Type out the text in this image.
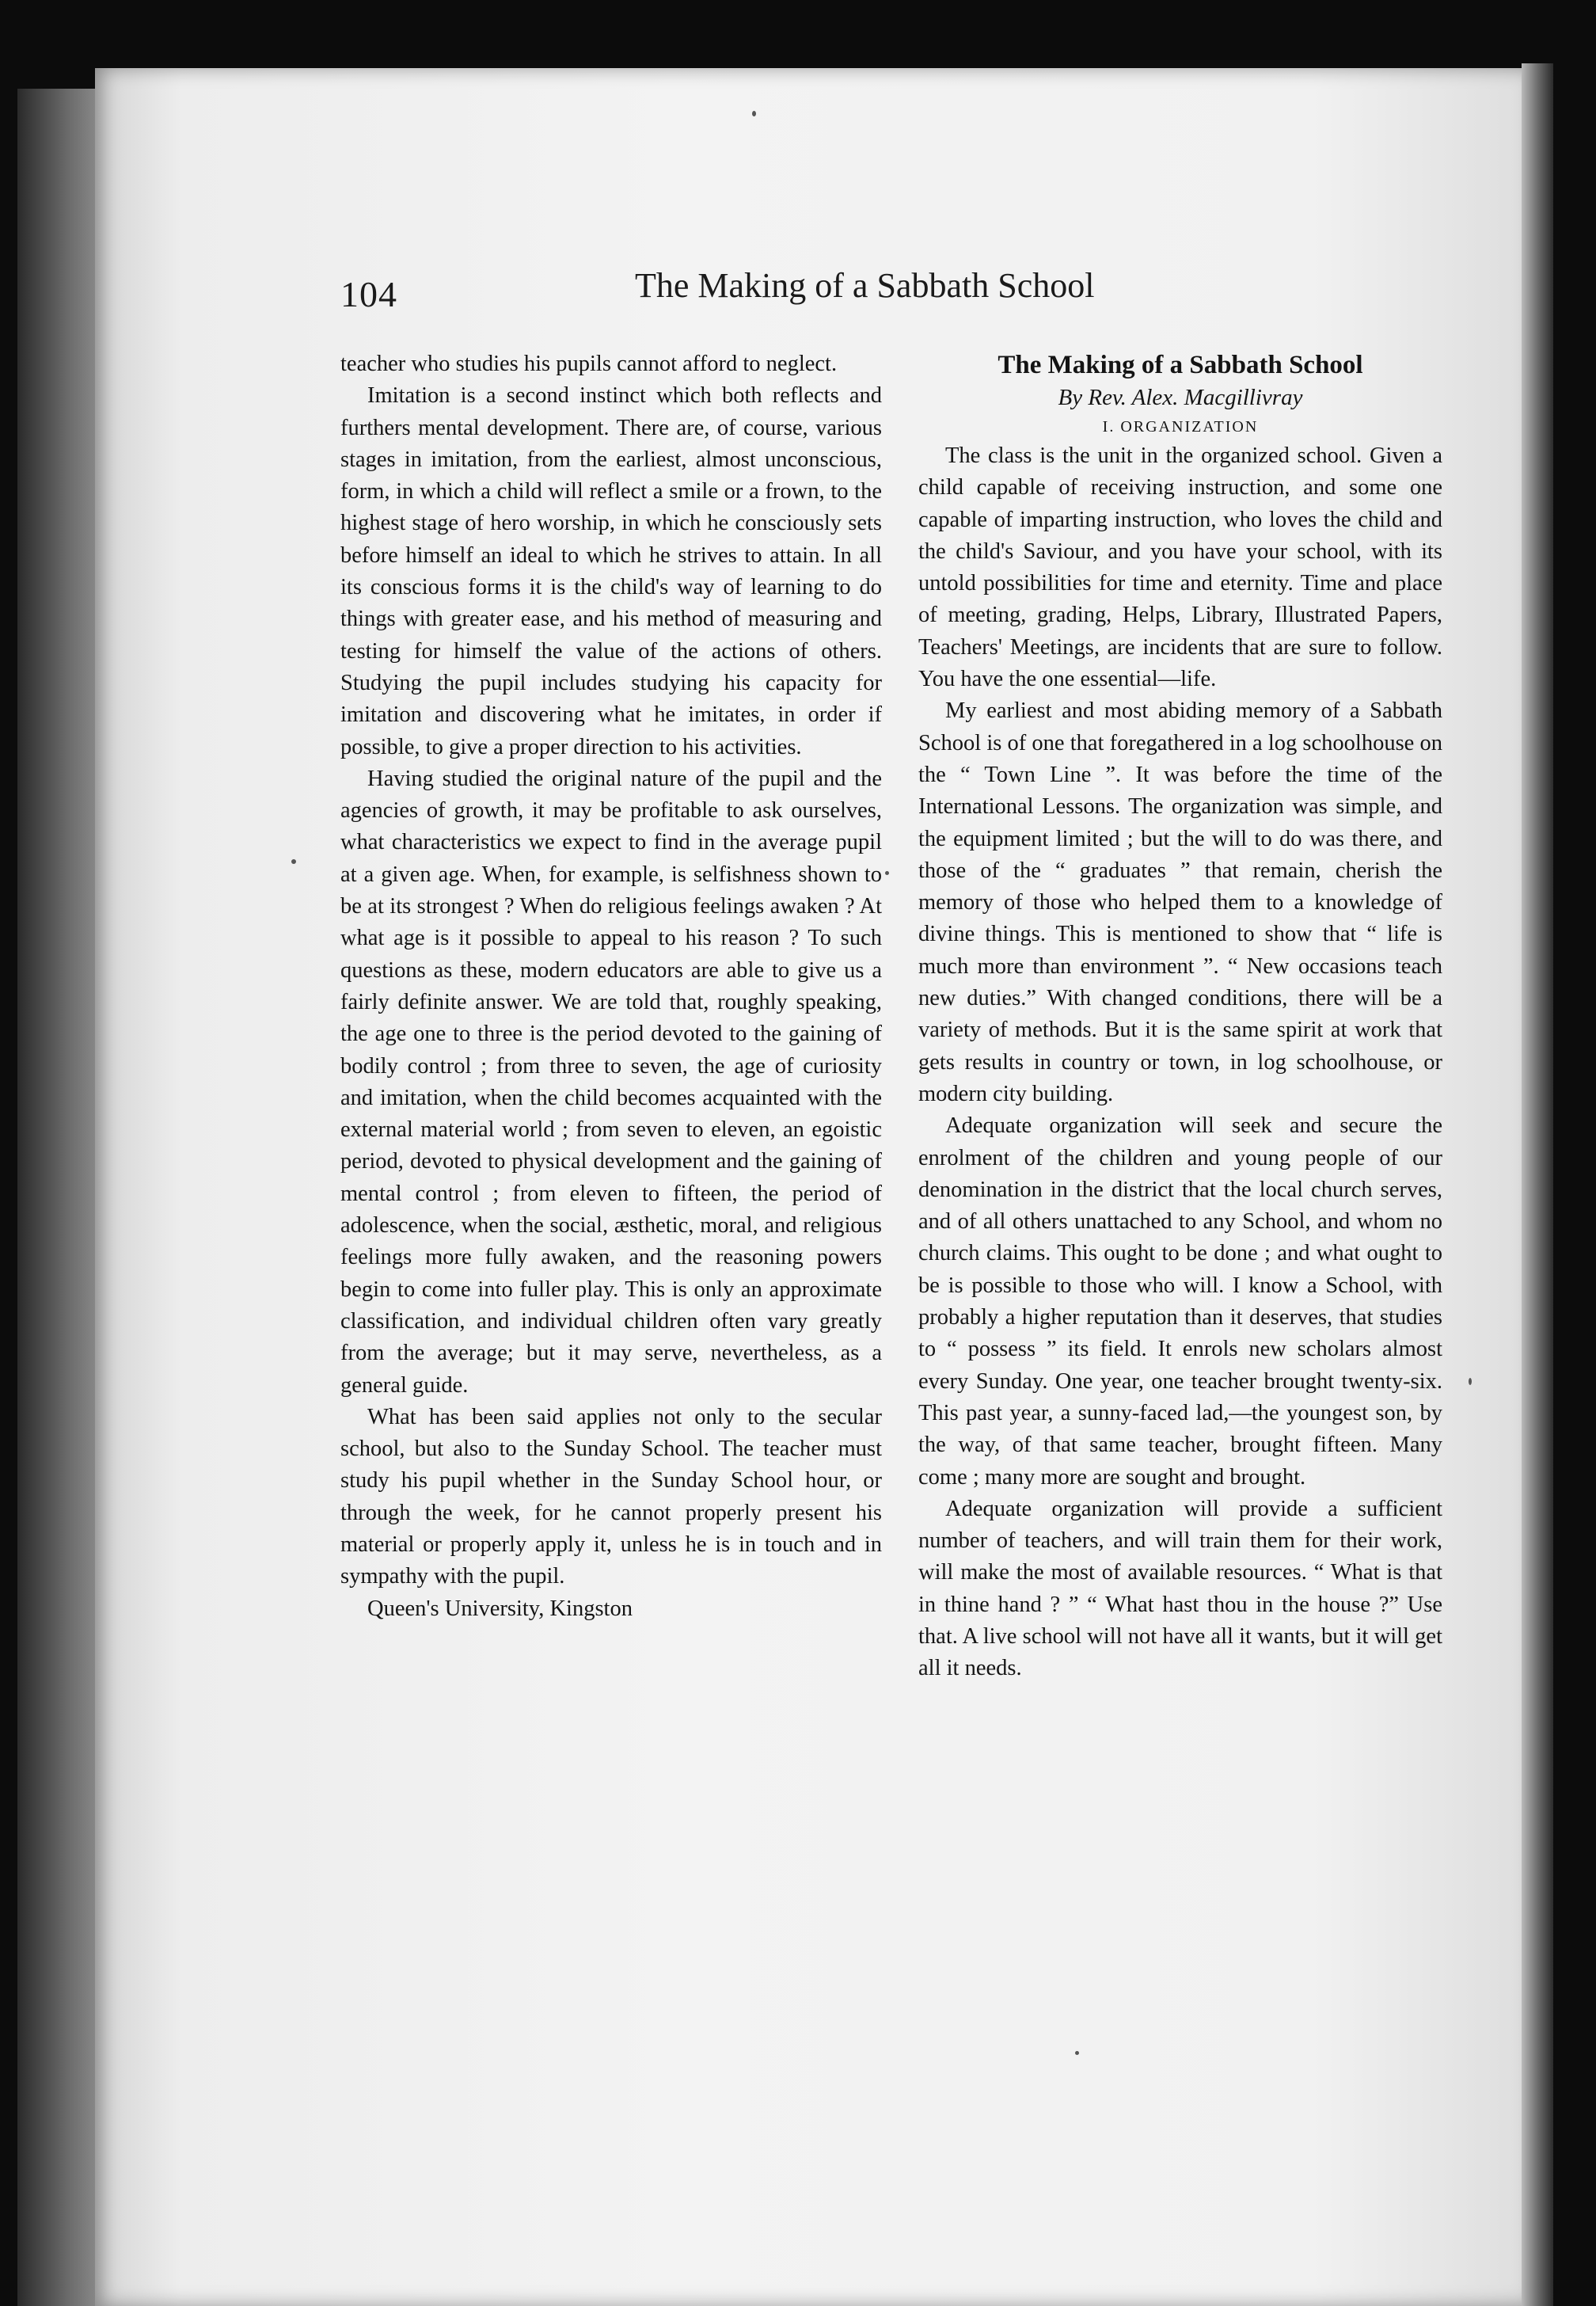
104	The Making of a Sabbath School

teacher who studies his pupils cannot afford to neglect.

Imitation is a second instinct which both reflects and furthers mental development. There are, of course, various stages in imitation, from the earliest, almost unconscious, form, in which a child will reflect a smile or a frown, to the highest stage of hero worship, in which he consciously sets before himself an ideal to which he strives to attain. In all its conscious forms it is the child's way of learning to do things with greater ease, and his method of measuring and testing for himself the value of the actions of others. Studying the pupil includes studying his capacity for imitation and discovering what he imitates, in order if possible, to give a proper direction to his activities.

Having studied the original nature of the pupil and the agencies of growth, it may be profitable to ask ourselves, what characteristics we expect to find in the average pupil at a given age. When, for example, is selfishness shown to be at its strongest ? When do religious feelings awaken ? At what age is it possible to appeal to his reason ? To such questions as these, modern educators are able to give us a fairly definite answer. We are told that, roughly speaking, the age one to three is the period devoted to the gaining of bodily control ; from three to seven, the age of curiosity and imitation, when the child becomes acquainted with the external material world ; from seven to eleven, an egoistic period, devoted to physical development and the gaining of mental control ; from eleven to fifteen, the period of adolescence, when the social, æsthetic, moral, and religious feelings more fully awaken, and the reasoning powers begin to come into fuller play. This is only an approximate classification, and individual children often vary greatly from the average; but it may serve, nevertheless, as a general guide.

What has been said applies not only to the secular school, but also to the Sunday School. The teacher must study his pupil whether in the Sunday School hour, or through the week, for he cannot properly present his material or properly apply it, unless he is in touch and in sympathy with the pupil.

Queen's University, Kingston

The Making of a Sabbath School

By Rev. Alex. Macgillivray

I. ORGANIZATION

The class is the unit in the organized school. Given a child capable of receiving instruction, and some one capable of imparting instruction, who loves the child and the child's Saviour, and you have your school, with its untold possibilities for time and eternity. Time and place of meeting, grading, Helps, Library, Illustrated Papers, Teachers' Meetings, are incidents that are sure to follow. You have the one essential—life.

My earliest and most abiding memory of a Sabbath School is of one that foregathered in a log schoolhouse on the “ Town Line ”. It was before the time of the International Lessons. The organization was simple, and the equipment limited ; but the will to do was there, and those of the “ graduates ” that remain, cherish the memory of those who helped them to a knowledge of divine things. This is mentioned to show that “ life is much more than environment ”. “ New occasions teach new duties.” With changed conditions, there will be a variety of methods. But it is the same spirit at work that gets results in country or town, in log schoolhouse, or modern city building.

Adequate organization will seek and secure the enrolment of the children and young people of our denomination in the district that the local church serves, and of all others unattached to any School, and whom no church claims. This ought to be done ; and what ought to be is possible to those who will. I know a School, with probably a higher reputation than it deserves, that studies to “ possess ” its field. It enrols new scholars almost every Sunday. One year, one teacher brought twenty-six. This past year, a sunny-faced lad,—the youngest son, by the way, of that same teacher, brought fifteen. Many come ; many more are sought and brought.

Adequate organization will provide a sufficient number of teachers, and will train them for their work, will make the most of available resources. “ What is that in thine hand ? ” “ What hast thou in the house ?” Use that. A live school will not have all it wants, but it will get all it needs.
